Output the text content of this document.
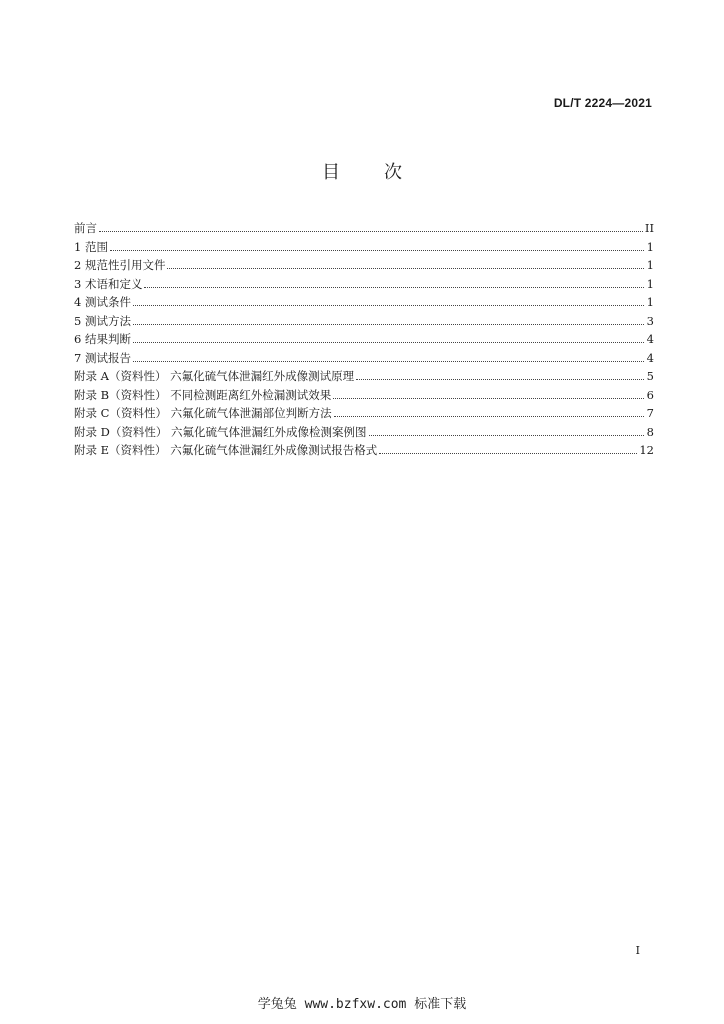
DL/T 2224—2021
目次
前言	II
1 范围	1
2 规范性引用文件	1
3 术语和定义	1
4 测试条件	1
5 测试方法	3
6 结果判断	4
7 测试报告	4
附录 A（资料性） 六氟化硫气体泄漏红外成像测试原理	5
附录 B（资料性） 不同检测距离红外检漏测试效果	6
附录 C（资料性） 六氟化硫气体泄漏部位判断方法	7
附录 D（资料性） 六氟化硫气体泄漏红外成像检测案例图	8
附录 E（资料性） 六氟化硫气体泄漏红外成像测试报告格式	12
I
学兔兔 www.bzfxw.com 标准下载
